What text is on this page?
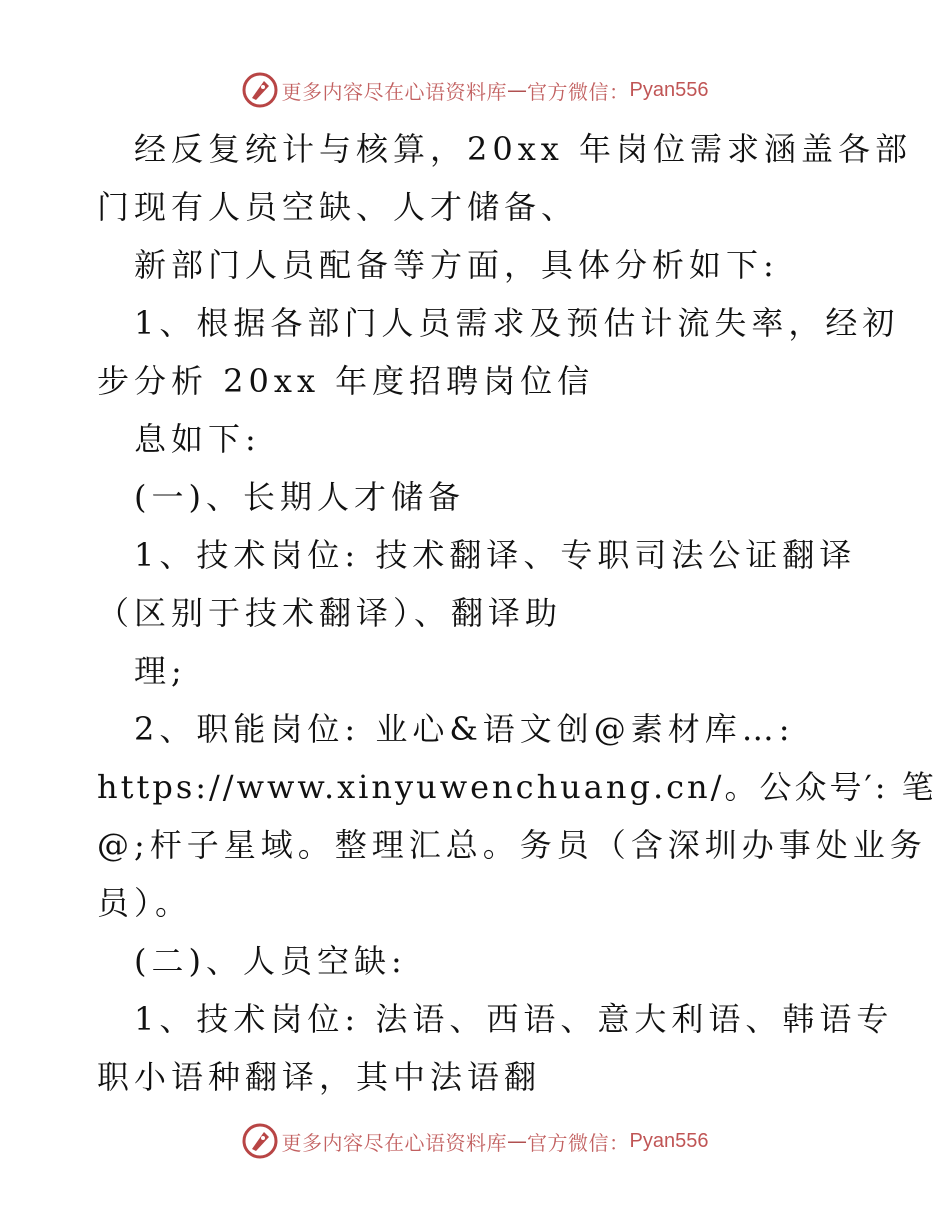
更多内容尽在心语资料库 — 官方微信： Pyan556
经反复统计与核算，20xx 年岗位需求涵盖各部
门现有人员空缺、人才储备、
新部门人员配备等方面，具体分析如下:
1、根据各部门人员需求及预估计流失率，经初
步分析 20xx 年度招聘岗位信
息如下:
(一)、长期人才储备
1、技术岗位: 技术翻译、专职司法公证翻译
（区别于技术翻译）、翻译助
理;
2、职能岗位: 业心&语文创@素材库…:
https://www.xinyuwenchuang.cn/。公众号′: 笔
@;杆子星域。整理汇总。务员（含深圳办事处业务
员）。
(二)、人员空缺:
1、技术岗位: 法语、西语、意大利语、韩语专
职小语种翻译，其中法语翻
更多内容尽在心语资料库 — 官方微信： Pyan556
